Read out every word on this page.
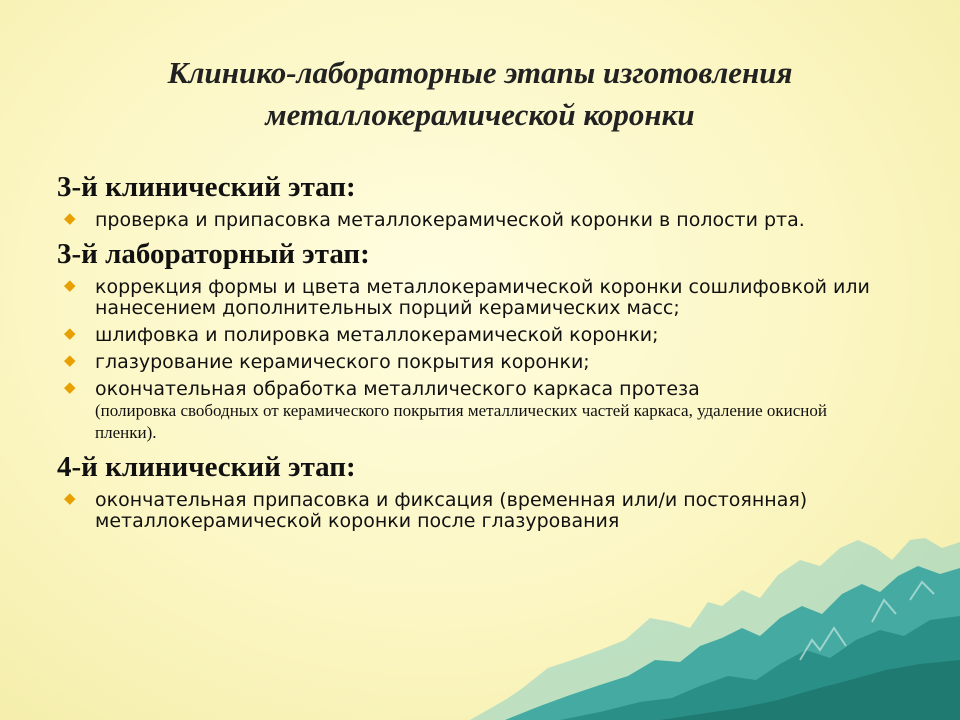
Клинико-лабораторные этапы изготовления
металлокерамической коронки
3-й клинический этап:
◆ проверка и припасовка металлокерамической коронки в полости рта.
3-й лабораторный этап:
◆ коррекция формы и цвета металлокерамической коронки сошлифовкой или нанесением дополнительных порций керамических масс;
◆ шлифовка и полировка металлокерамической коронки;
◆ глазурование керамического покрытия коронки;
◆ окончательная обработка металлического каркаса протеза
(полировка свободных от керамического покрытия металлических частей каркаса, удаление окисной пленки).
4-й клинический этап:
◆ окончательная припасовка и фиксация (временная или/и постоянная) металлокерамической коронки после глазурования
